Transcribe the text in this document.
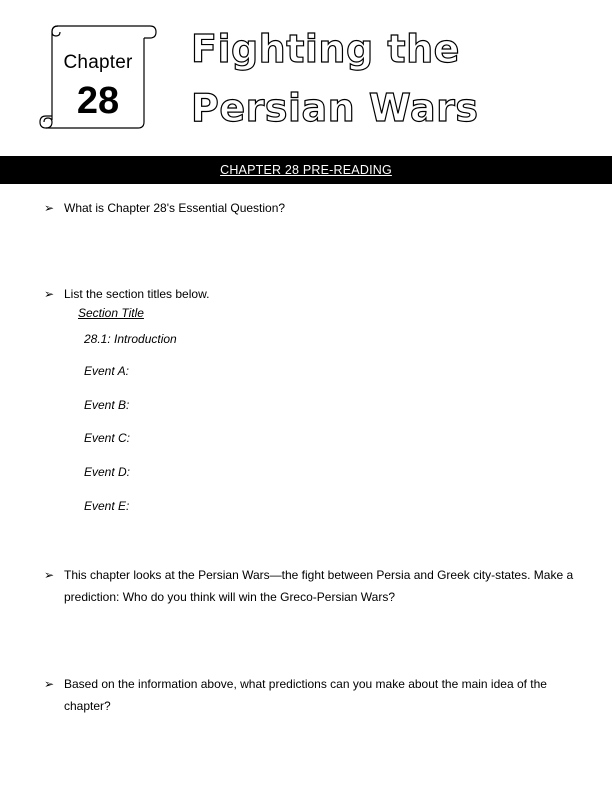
Chapter
28
Fighting the
Persian Wars
CHAPTER 28 PRE-READING
➢ What is Chapter 28's Essential Question?
➢ List the section titles below.
Section Title
28.1: Introduction
Event A:
Event B:
Event C:
Event D:
Event E:
➢ This chapter looks at the Persian Wars—the fight between Persia and Greek city-states. Make a prediction: Who do you think will win the Greco-Persian Wars?
➢ Based on the information above, what predictions can you make about the main idea of the chapter?
